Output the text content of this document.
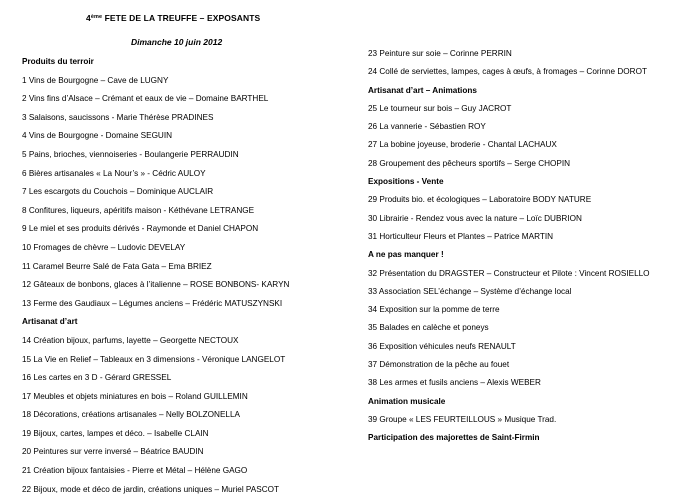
4ème FETE DE LA TREUFFE – EXPOSANTS
Dimanche 10 juin 2012
Produits du terroir
1 Vins de Bourgogne – Cave de LUGNY
2 Vins fins d’Alsace – Crémant et eaux de vie – Domaine BARTHEL
3 Salaisons, saucissons - Marie Thérèse PRADINES
4 Vins de Bourgogne - Domaine SEGUIN
5 Pains, brioches, viennoiseries - Boulangerie PERRAUDIN
6 Bières artisanales « La Nour’s » - Cédric AULOY
7 Les escargots du Couchois – Dominique AUCLAIR
8 Confitures, liqueurs, apéritifs maison - Kéthévane LETRANGE
9 Le miel et ses produits dérivés - Raymonde et Daniel CHAPON
10 Fromages de chèvre – Ludovic DEVELAY
11 Caramel Beurre Salé de Fata Gata – Ema BRIEZ
12 Gâteaux de bonbons, glaces à l’italienne – ROSE BONBONS- KARYN
13 Ferme des Gaudiaux – Légumes anciens – Frédéric MATUSZYNSKI
Artisanat d’art
14 Création bijoux, parfums, layette – Georgette NECTOUX
15 La Vie en Relief – Tableaux en 3 dimensions - Véronique LANGELOT
16 Les cartes en 3 D - Gérard GRESSEL
17 Meubles et objets miniatures en bois – Roland GUILLEMIN
18 Décorations, créations artisanales – Nelly BOLZONELLA
19 Bijoux, cartes, lampes et déco. – Isabelle CLAIN
20 Peintures sur verre inversé – Béatrice BAUDIN
21 Création bijoux fantaisies - Pierre et Métal – Hélène GAGO
22 Bijoux, mode et déco de jardin, créations uniques – Muriel PASCOT
23 Peinture sur soie – Corinne PERRIN
24 Collé de serviettes, lampes, cages à œufs, à fromages – Corinne DOROT
Artisanat d’art – Animations
25 Le tourneur sur bois – Guy JACROT
26 La vannerie - Sébastien ROY
27 La bobine joyeuse, broderie - Chantal LACHAUX
28 Groupement des pêcheurs sportifs – Serge CHOPIN
Expositions - Vente
29 Produits bio. et écologiques – Laboratoire BODY NATURE
30 Librairie - Rendez vous avec la nature – Loïc DUBRION
31 Horticulteur Fleurs et Plantes – Patrice MARTIN
A ne pas manquer !
32 Présentation du DRAGSTER – Constructeur et Pilote : Vincent ROSIELLO
33 Association SEL’échange – Système d’échange local
34 Exposition sur la pomme de terre
35 Balades en calèche et poneys
36 Exposition véhicules neufs RENAULT
37 Démonstration de la pêche au fouet
38 Les armes et fusils anciens – Alexis WEBER
Animation musicale
39 Groupe « LES FEURTEILLOUS » Musique Trad.
Participation des majorettes de Saint-Firmin
